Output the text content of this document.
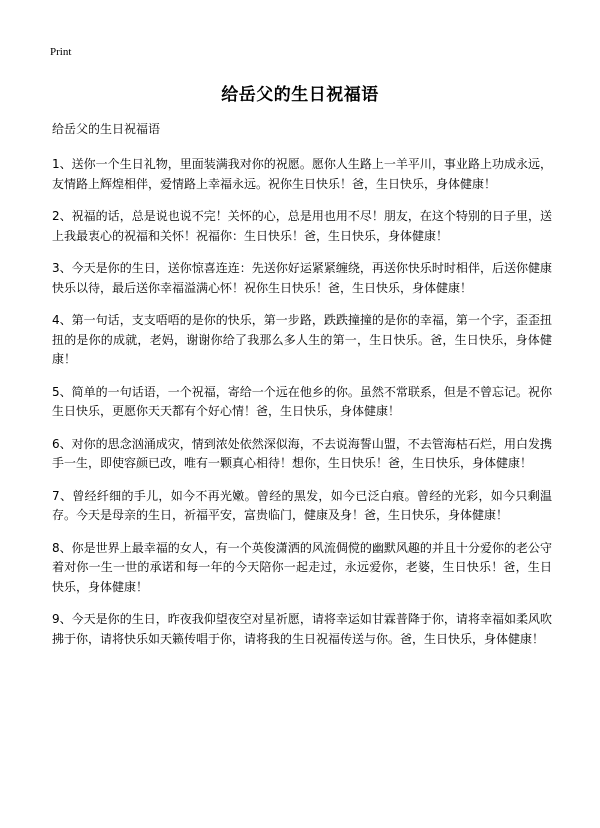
Print
给岳父的生日祝福语

给岳父的生日祝福语

1、送你一个生日礼物，里面装满我对你的祝愿。愿你人生路上一羊平川，事业路上功成永远，友情路上辉煌相伴，爱情路上幸福永远。祝你生日快乐！爸，生日快乐，身体健康！

2、祝福的话，总是说也说不完！关怀的心，总是用也用不尽！朋友，在这个特别的日子里，送上我最衷心的祝福和关怀！祝福你：生日快乐！爸，生日快乐，身体健康！

3、今天是你的生日，送你惊喜连连：先送你好运紧紧缠绕，再送你快乐时时相伴，后送你健康快乐以待，最后送你幸福溢满心怀！祝你生日快乐！爸，生日快乐，身体健康！

4、第一句话，支支唔唔的是你的快乐，第一步路，跌跌撞撞的是你的幸福，第一个字，歪歪扭扭的是你的成就，老妈，谢谢你给了我那么多人生的第一，生日快乐。爸，生日快乐，身体健康！

5、简单的一句话语，一个祝福，寄给一个远在他乡的你。虽然不常联系，但是不曾忘记。祝你生日快乐，更愿你天天都有个好心情！爸，生日快乐，身体健康！

6、对你的思念汹涌成灾，情到浓处依然深似海，不去说海誓山盟，不去管海枯石烂，用白发携手一生，即使容颜已改，唯有一颗真心相待！想你，生日快乐！爸，生日快乐，身体健康！

7、曾经纤细的手儿，如今不再光嫩。曾经的黑发，如今已泛白痕。曾经的光彩，如今只剩温存。今天是母亲的生日，祈福平安，富贵临门，健康及身！爸，生日快乐，身体健康！

8、你是世界上最幸福的女人，有一个英俊潇洒的风流倜傥的幽默风趣的并且十分爱你的老公守着对你一生一世的承诺和每一年的今天陪你一起走过，永远爱你，老婆，生日快乐！爸，生日快乐，身体健康！

9、今天是你的生日，昨夜我仰望夜空对星祈愿，请将幸运如甘霖普降于你，请将幸福如柔风吹拂于你，请将快乐如天籁传唱于你，请将我的生日祝福传送与你。爸，生日快乐，身体健康！
